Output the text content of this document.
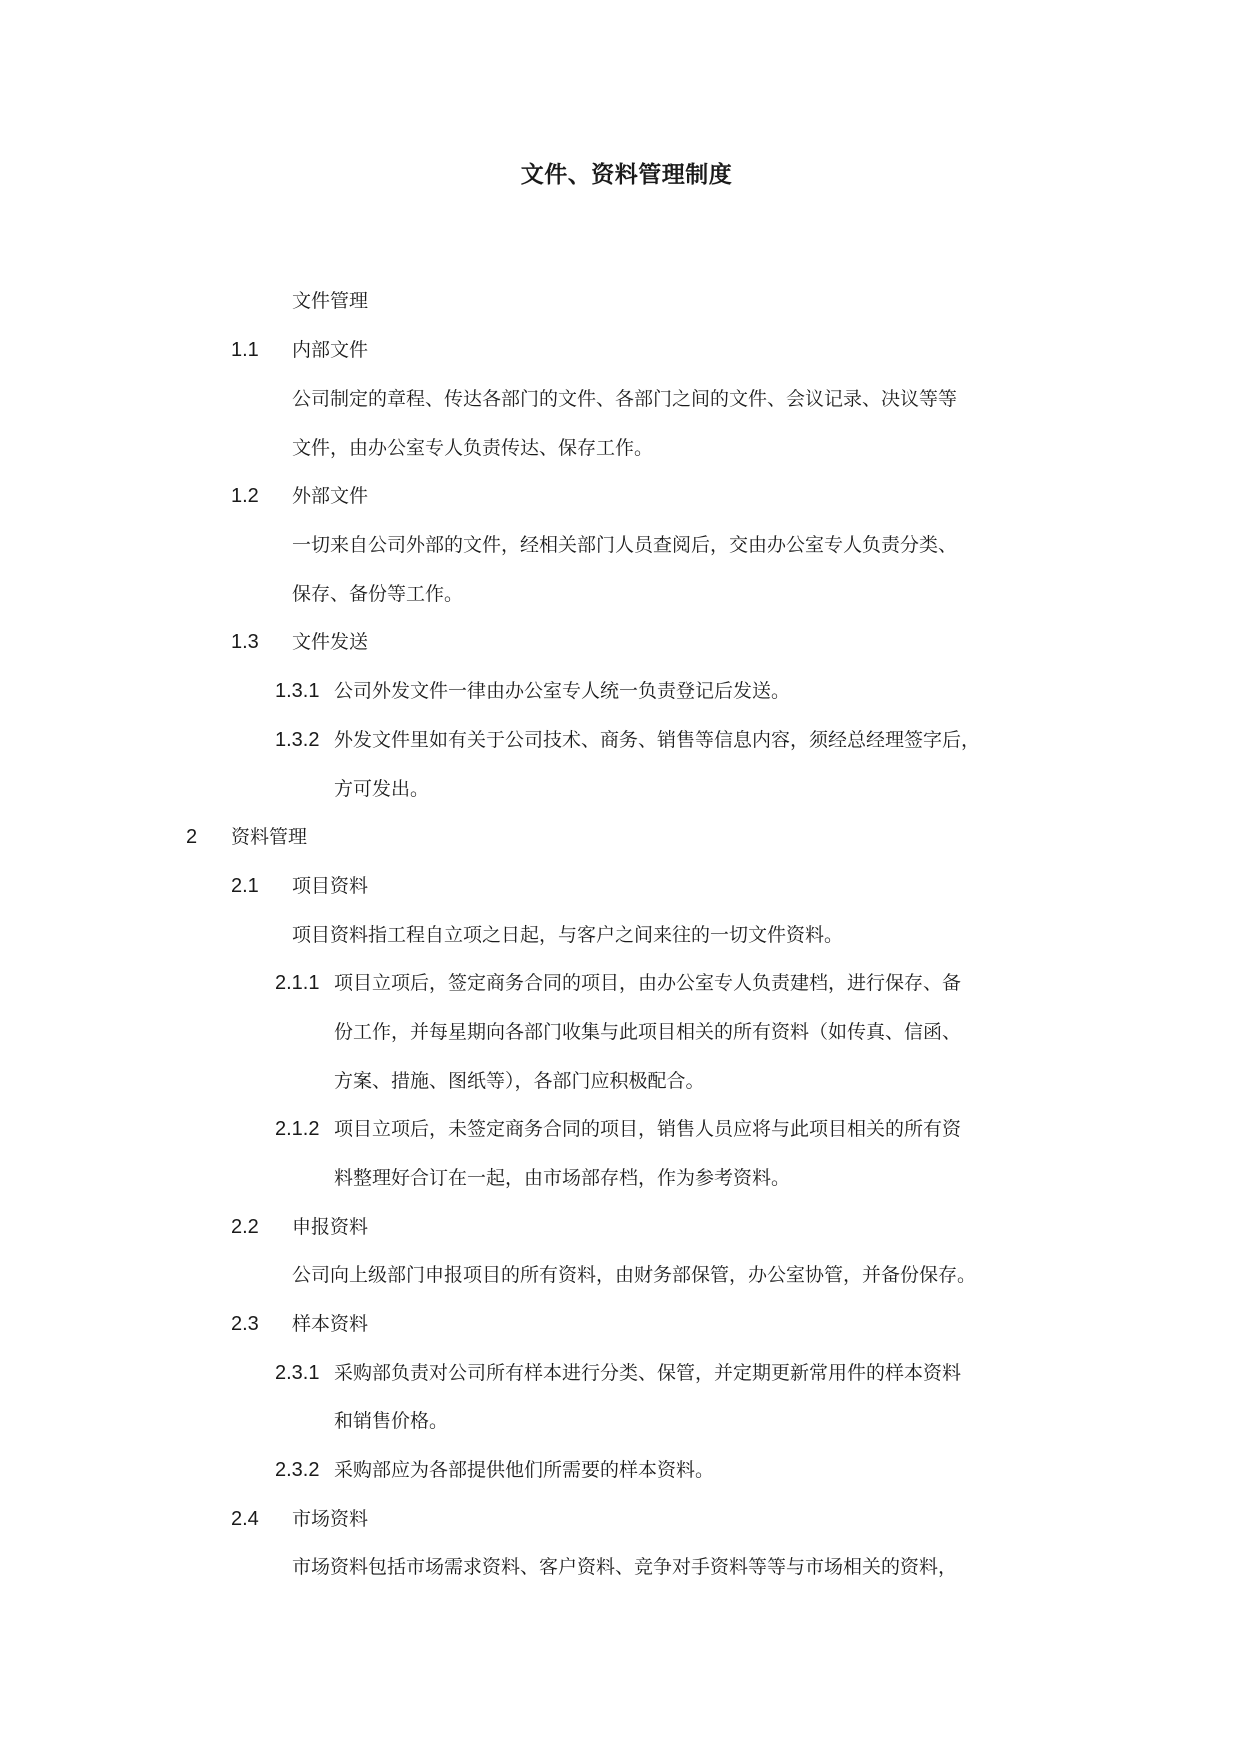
文件、资料管理制度
文件管理
1.1 内部文件
公司制定的章程、传达各部门的文件、各部门之间的文件、会议记录、决议等等
文件，由办公室专人负责传达、保存工作。
1.2 外部文件
一切来自公司外部的文件，经相关部门人员查阅后，交由办公室专人负责分类、
保存、备份等工作。
1.3 文件发送
1.3.1 公司外发文件一律由办公室专人统一负责登记后发送。
1.3.2 外发文件里如有关于公司技术、商务、销售等信息内容，须经总经理签字后，
方可发出。
2 资料管理
2.1 项目资料
项目资料指工程自立项之日起，与客户之间来往的一切文件资料。
2.1.1 项目立项后，签定商务合同的项目，由办公室专人负责建档，进行保存、备
份工作，并每星期向各部门收集与此项目相关的所有资料（如传真、信函、
方案、措施、图纸等），各部门应积极配合。
2.1.2 项目立项后，未签定商务合同的项目，销售人员应将与此项目相关的所有资
料整理好合订在一起，由市场部存档，作为参考资料。
2.2 申报资料
公司向上级部门申报项目的所有资料，由财务部保管，办公室协管，并备份保存。
2.3 样本资料
2.3.1 采购部负责对公司所有样本进行分类、保管，并定期更新常用件的样本资料
和销售价格。
2.3.2 采购部应为各部提供他们所需要的样本资料。
2.4 市场资料
市场资料包括市场需求资料、客户资料、竞争对手资料等等与市场相关的资料，
